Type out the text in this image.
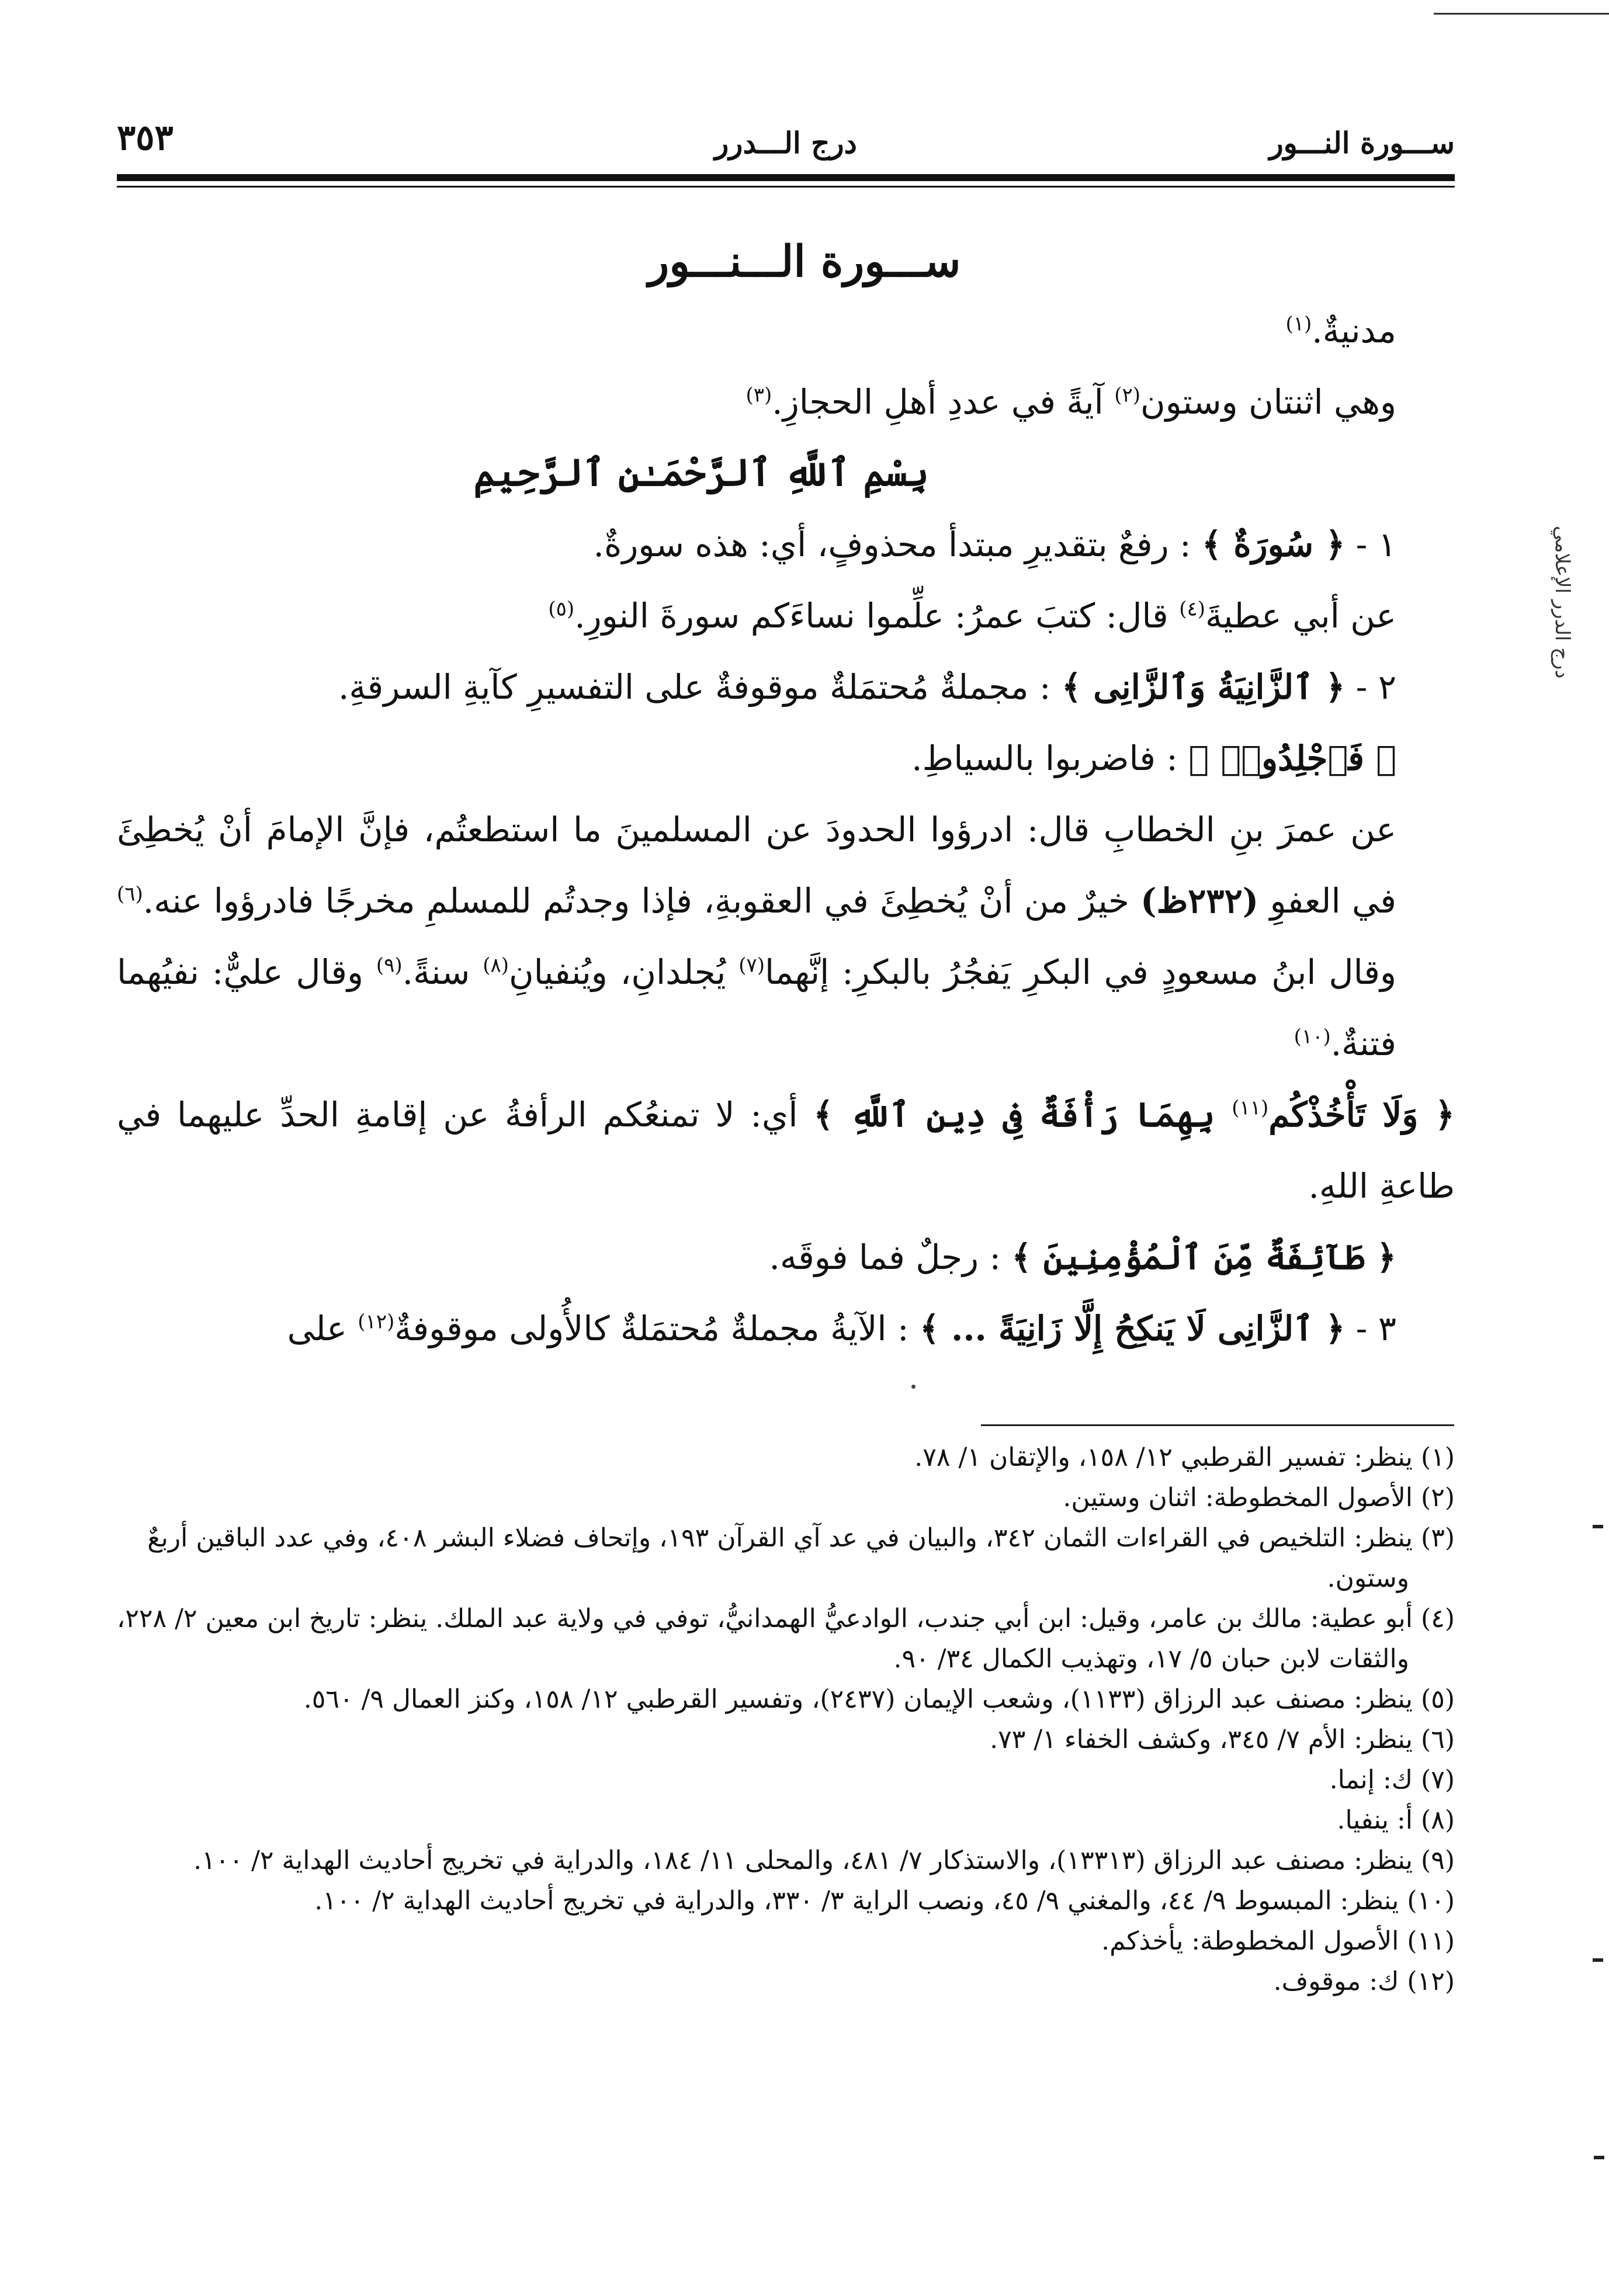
ســـورة النـــور
درج الـــدرر
٣٥٣
درج الدرر الإعلامي
ســـورة الـــنـــور

مدنيةٌ.$^{(١)}$

وهي اثنتان وستون$^{(٢)}$ آيةً في عددِ أهلِ الحجازِ.$^{(٣)}$

بِسْمِ ٱللَّهِ ٱلرَّحْمَـٰنِ ٱلرَّحِيمِ

١ - ﴿ سُورَةٌ ﴾ : رفعٌ بتقديرِ مبتدأ محذوفٍ، أي: هذه سورةٌ.

عن أبي عطيةَ$^{(٤)}$ قال: كتبَ عمرُ: علِّموا نساءَكم سورةَ النورِ.$^{(٥)}$

٢ - ﴿ ٱلزَّانِيَةُ وَٱلزَّانِى ﴾ : مجملةٌ مُحتمَلةٌ موقوفةٌ على التفسيرِ كآيةِ السرقةِ.

﴿ فَٱجْلِدُوا۟ ﴾ : فاضربوا بالسياطِ.

عن عمرَ بنِ الخطابِ قال: ادرؤوا الحدودَ عن المسلمينَ ما استطعتُم، فإنَّ الإمامَ أنْ يُخطِئَ في العفوِ (٢٣٢ظ) خيرٌ من أنْ يُخطِئَ في العقوبةِ، فإذا وجدتُم للمسلمِ مخرجًا فادرؤوا عنه.$^{(٦)}$ وقال ابنُ مسعودٍ في البكرِ يَفجُرُ بالبكرِ: إنَّهما$^{(٧)}$ يُجلدانِ، ويُنفيانِ$^{(٨)}$ سنةً.$^{(٩)}$ وقال عليٌّ: نفيُهما فتنةٌ.$^{(١٠)}$

﴿ وَلَا تَأْخُذْكُم$^{(١١)}$ بِهِمَا رَأْفَةٌ فِى دِينِ ٱللَّهِ ﴾ أي: لا تمنعُكم الرأفةُ عن إقامةِ الحدِّ عليهما في طاعةِ اللهِ.

﴿ طَآئِفَةٌ مِّنَ ٱلْمُؤْمِنِينَ ﴾ : رجلٌ فما فوقَه.

٣ - ﴿ ٱلزَّانِى لَا يَنكِحُ إِلَّا زَانِيَةً ... ﴾ : الآيةُ مجملةٌ مُحتمَلةٌ كالأُولى موقوفةٌ$^{(١٢)}$ على

(١) ينظر: تفسير القرطبي ١٢/ ١٥٨، والإتقان ١/ ٧٨.

(٢) الأصول المخطوطة: اثنان وستين.

(٣) ينظر: التلخيص في القراءات الثمان ٣٤٢، والبيان في عد آي القرآن ١٩٣، وإتحاف فضلاء البشر ٤٠٨، وفي عدد الباقين أربعٌ وستون.

(٤) أبو عطية: مالك بن عامر، وقيل: ابن أبي جندب، الوادعيُّ الهمدانيُّ، توفي في ولاية عبد الملك. ينظر: تاريخ ابن معين ٢/ ٢٢٨، والثقات لابن حبان ٥/ ١٧، وتهذيب الكمال ٣٤/ ٩٠.

(٥) ينظر: مصنف عبد الرزاق (١١٣٣)، وشعب الإيمان (٢٤٣٧)، وتفسير القرطبي ١٢/ ١٥٨، وكنز العمال ٩/ ٥٦٠.

(٦) ينظر: الأم ٧/ ٣٤٥، وكشف الخفاء ١/ ٧٣.

(٧) ك: إنما.

(٨) أ: ينفيا.

(٩) ينظر: مصنف عبد الرزاق (١٣٣١٣)، والاستذكار ٧/ ٤٨١، والمحلى ١١/ ١٨٤، والدراية في تخريج أحاديث الهداية ٢/ ١٠٠.

(١٠) ينظر: المبسوط ٩/ ٤٤، والمغني ٩/ ٤٥، ونصب الراية ٣/ ٣٣٠، والدراية في تخريج أحاديث الهداية ٢/ ١٠٠.

(١١) الأصول المخطوطة: يأخذكم.

(١٢) ك: موقوف.
